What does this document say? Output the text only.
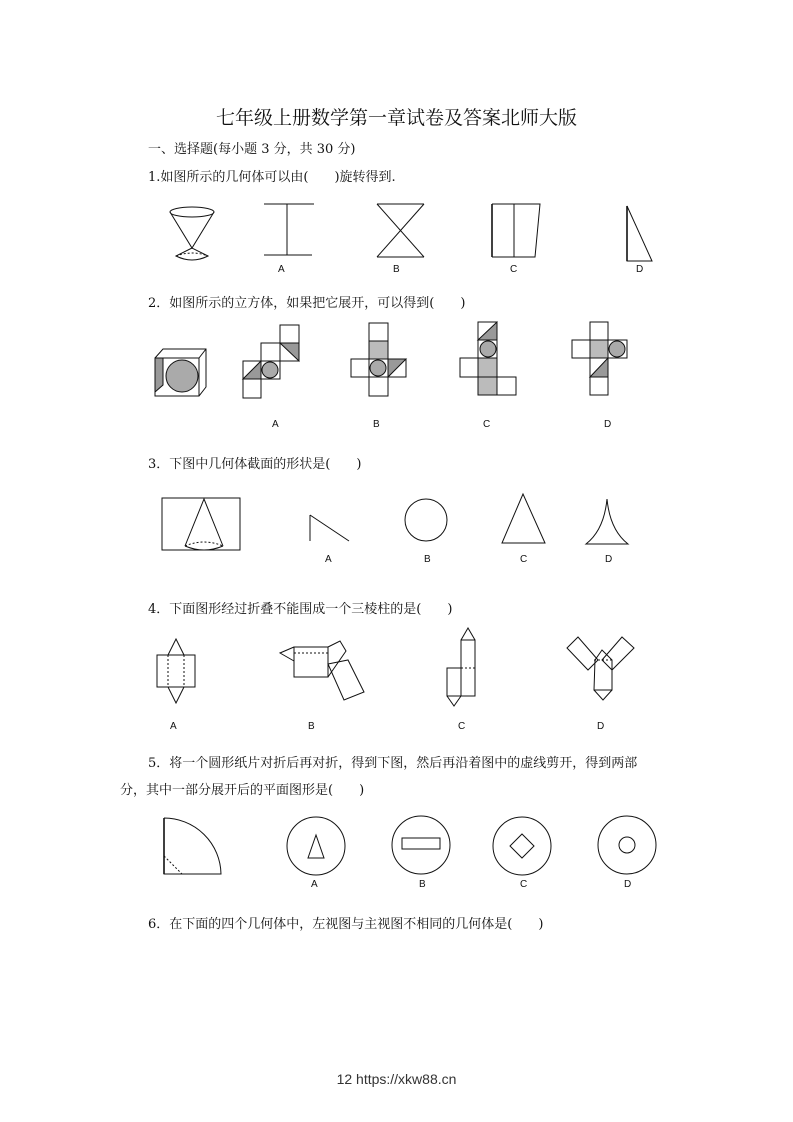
七年级上册数学第一章试卷及答案北师大版
一、选择题(每小题 3 分，共 30 分)
1.如图所示的几何体可以由(　　)旋转得到.
2．如图所示的立方体，如果把它展开，可以得到(　　)
3．下图中几何体截面的形状是(　　)
4．下面图形经过折叠不能围成一个三棱柱的是(　　)
5．将一个圆形纸片对折后再对折，得到下图，然后再沿着图中的虚线剪开，得到两部
分，其中一部分展开后的平面图形是(　　)
6．在下面的四个几何体中，左视图与主视图不相同的几何体是(　　)
A	B	C	D
A	B	C	D
A	B	C	D
A	B	C	D
A	B	C	D
12 https://xkw88.cn
